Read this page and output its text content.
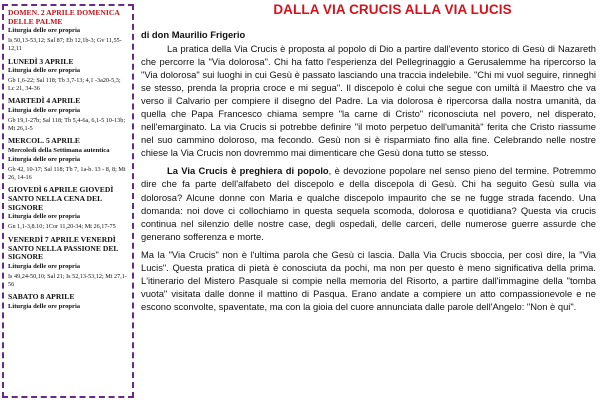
DOMEN. 2 APRILE DOMENICA DELLE PALME
Liturgia delle ore propria
Is 50,13-53,12; Sal 87; Eb 12,1b-3; Gv 11,55-12,11
LUNEDÌ 3 APRILE
Liturgia delle ore propria
Gb 1,6-22; Sal 118; Tb 3,7-13; 4,1 -3a20-5,3; Lc 21, 34-36
MARTEDÌ 4 APRILE
Liturgia delle ore propria
Gb 19,1-27b; Sal 118; Tb 5,4-6a, 6,1-5 10-13b; Mt 26,1-5
MERCOL. 5 APRILE
Mercoledì della Settimana autentica
Liturgia delle ore propria
Gb 42, 10-17; Sal 118; Tb 7, 1a-b. 13 - 8, 8; Mt 26, 14-16
GIOVEDÌ 6 APRILE GIOVEDÌ SANTO NELLA CENA DEL SIGNORE
Liturgia delle ore propria
Gn 1,1-3,8.10; 1Cor 11,20-34; Mt 26,17-75
VENERDÌ 7 APRILE VENERDÌ SANTO NELLA PASSIONE DEL SIGNORE
Liturgia delle ore propria
Is 49,24-50,10; Sal 21; Is 52,13-53,12; Mt 27,1-56
SABATO 8 APRILE
Liturgia delle ore propria
DALLA VIA CRUCIS ALLA VIA LUCIS
di don Maurilio Frigerio

La pratica della Via Crucis è proposta al popolo di Dio a partire dall'evento storico di Gesù di Nazareth che percorre la "Via dolorosa". Chi ha fatto l'esperienza del Pellegrinaggio a Gerusalemme ha ripercorso la "Via dolorosa" sui luoghi in cui Gesù è passato lasciando una traccia indelebile. "Chi mi vuol seguire, rinneghi se stesso, prenda la propria croce e mi segua". Il discepolo è colui che segue con umiltà il Maestro che va verso il Calvario per compiere il disegno del Padre. La via dolorosa è ripercorsa dalla nostra umanità, da quella che Papa Francesco chiama sempre "la carne di Cristo" riconosciuta nel povero, nel disperato, nell'emarginato. La via Crucis si potrebbe definire "il moto perpetuo dell'umanità" ferita che Cristo riassume nel suo cammino doloroso, ma fecondo. Gesù non si è risparmiato fino alla fine. Celebrando nelle nostre chiese la Via Crucis non dovremmo mai dimenticare che Gesù dona tutto se stesso.

La Via Crucis è preghiera di popolo, è devozione popolare nel senso pieno del termine. Potremmo dire che fa parte dell'alfabeto del discepolo e della discepola di Gesù. Chi ha seguito Gesù sulla via dolorosa? Alcune donne con Maria e qualche discepolo impaurito che se ne fugge strada facendo. Una domanda: noi dove ci collochiamo in questa sequela scomoda, dolorosa e quotidiana? Questa via crucis continua nel silenzio delle nostre case, degli ospedali, delle carceri, delle numerose guerre assurde che generano sofferenza e morte.

Ma la "Via Crucis" non è l'ultima parola che Gesù ci lascia. Dalla Via Crucis sboccia, per così dire, la "Via Lucis". Questa pratica di pietà è conosciuta da pochi, ma non per questo è meno significativa della prima. L'itinerario del Mistero Pasquale si compie nella memoria del Risorto, a partire dall'immagine della "tomba vuota" visitata dalle donne il mattino di Pasqua. Erano andate a compiere un atto compassionevole e ne escono sconvolte, spaventate, ma con la gioia del cuore annunciata dalle parole dell'Angelo: "Non è qui".
